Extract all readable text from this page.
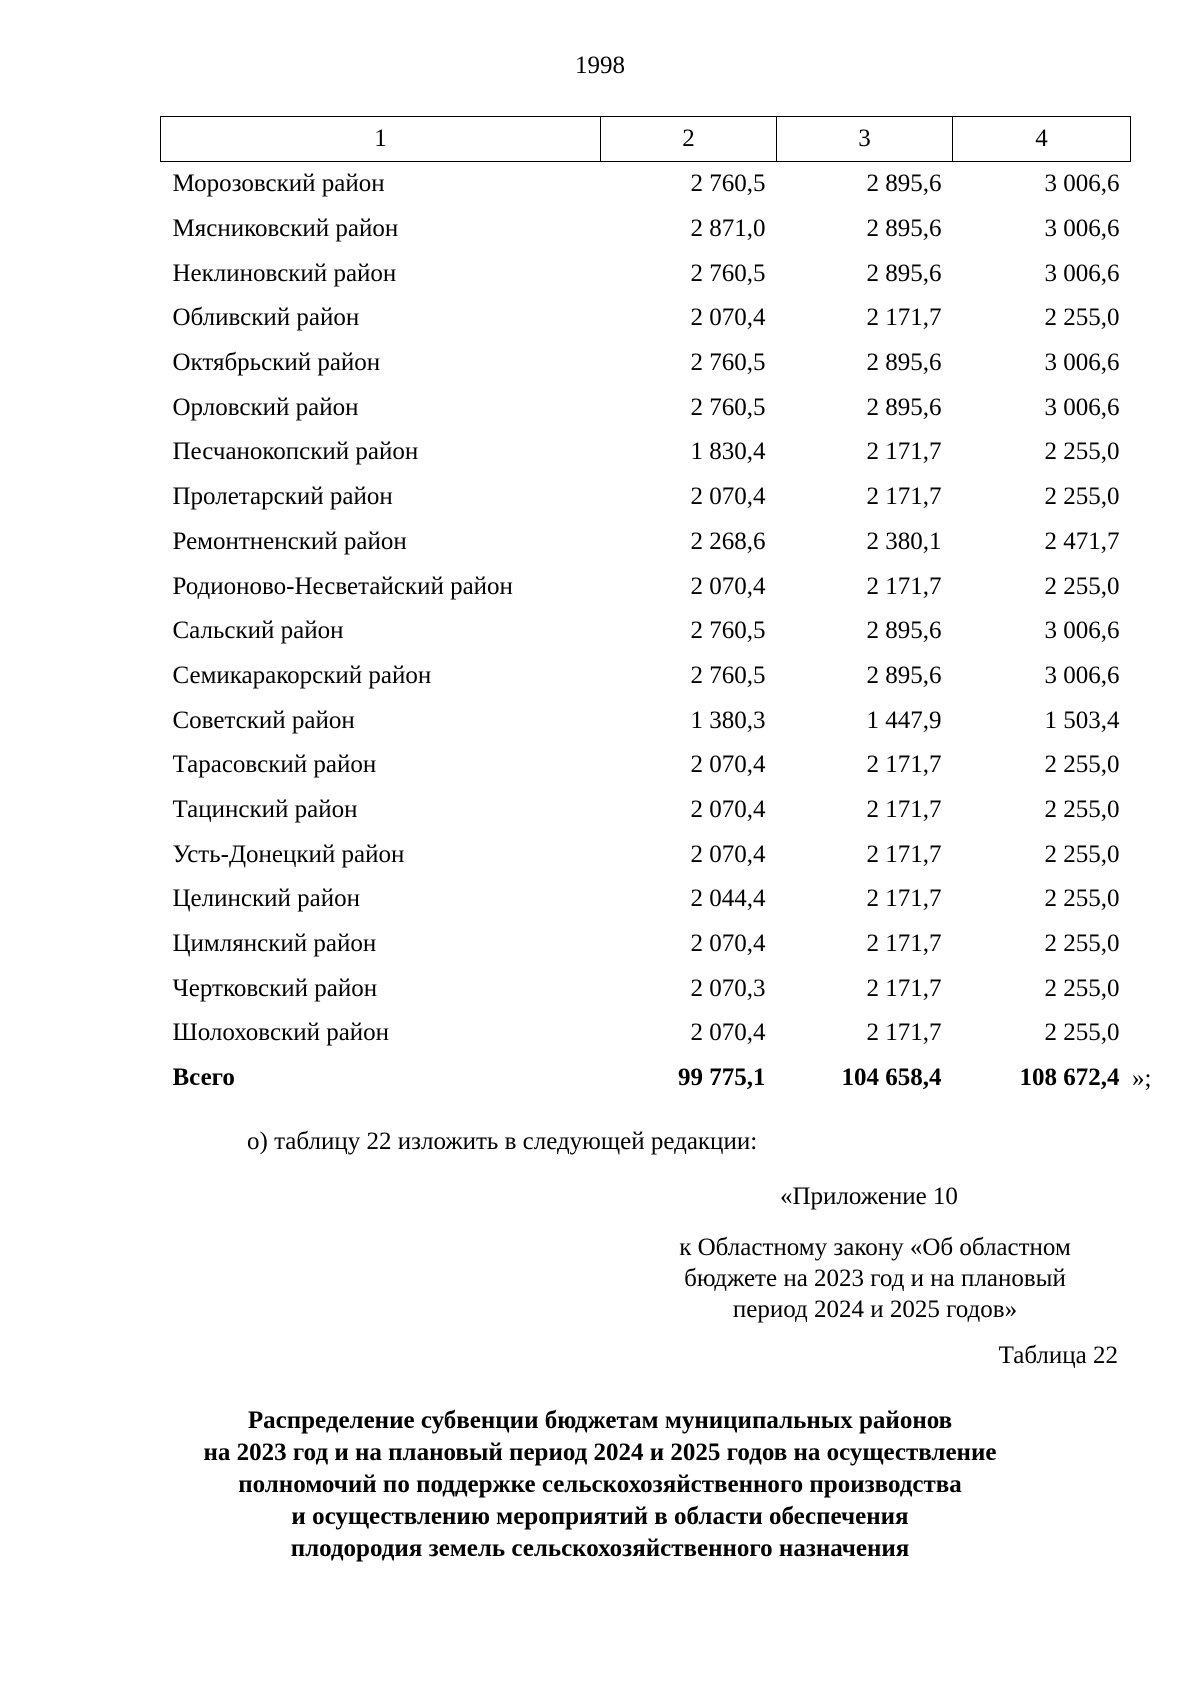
1998
1	2	3	4
Морозовский район	2 760,5	2 895,6	3 006,6
Мясниковский район	2 871,0	2 895,6	3 006,6
Неклиновский район	2 760,5	2 895,6	3 006,6
Обливский район	2 070,4	2 171,7	2 255,0
Октябрьский район	2 760,5	2 895,6	3 006,6
Орловский район	2 760,5	2 895,6	3 006,6
Песчанокопский район	1 830,4	2 171,7	2 255,0
Пролетарский район	2 070,4	2 171,7	2 255,0
Ремонтненский район	2 268,6	2 380,1	2 471,7
Родионово-Несветайский район	2 070,4	2 171,7	2 255,0
Сальский район	2 760,5	2 895,6	3 006,6
Семикаракорский район	2 760,5	2 895,6	3 006,6
Советский район	1 380,3	1 447,9	1 503,4
Тарасовский район	2 070,4	2 171,7	2 255,0
Тацинский район	2 070,4	2 171,7	2 255,0
Усть-Донецкий район	2 070,4	2 171,7	2 255,0
Целинский район	2 044,4	2 171,7	2 255,0
Цимлянский район	2 070,4	2 171,7	2 255,0
Чертковский район	2 070,3	2 171,7	2 255,0
Шолоховский район	2 070,4	2 171,7	2 255,0
Всего	99 775,1	104 658,4	108 672,4 »;
о) таблицу 22 изложить в следующей редакции:
«Приложение 10
к Областному закону «Об областном
бюджете на 2023 год и на плановый
период 2024 и 2025 годов»
Таблица 22
Распределение субвенции бюджетам муниципальных районов
на 2023 год и на плановый период 2024 и 2025 годов на осуществление
полномочий по поддержке сельскохозяйственного производства
и осуществлению мероприятий в области обеспечения
плодородия земель сельскохозяйственного назначения
